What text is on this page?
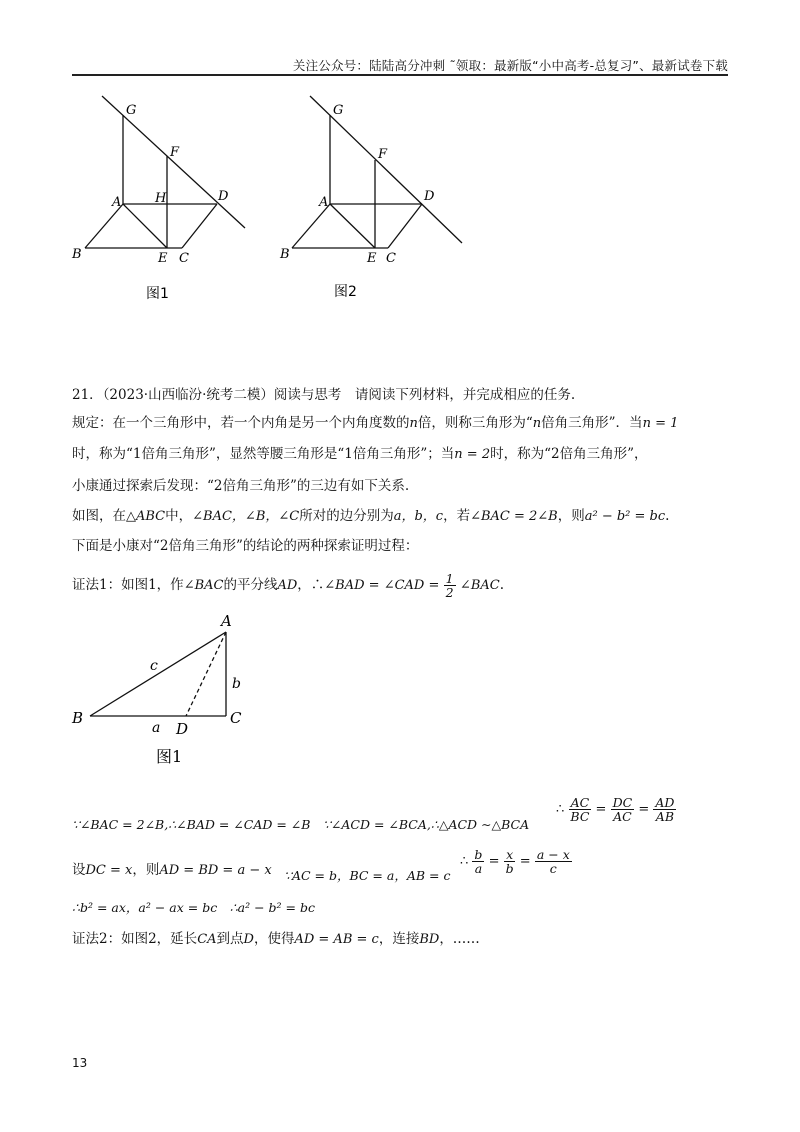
关注公众号：陆陆高分冲刺 ˜领取：最新版“小中高考-总复习”、最新试卷下载
G
F
A	H	D
B	E C
图1
G
F
A	D
B	E C
图2
21．（2023·山西临汾·统考二模）阅读与思考　请阅读下列材料，并完成相应的任务.
规定：在一个三角形中，若一个内角是另一个内角度数的n倍，则称三角形为“n倍角三角形”．当n = 1
时，称为“1倍角三角形”，显然等腰三角形是“1倍角三角形”；当n = 2时，称为“2倍角三角形”，
小康通过探索后发现：“2倍角三角形”的三边有如下关系.
如图，在△ABC中，∠BAC，∠B，∠C所对的边分别为a，b，c，若∠BAC = 2∠B，则a² − b² = bc.
下面是小康对“2倍角三角形”的结论的两种探索证明过程：
证法1：如图1，作∠BAC的平分线AD，∴∠BAD = ∠CAD = $\frac{1}{2}$ ∠BAC.
A
B	C
D
a
b
c
图1
∵∠BAC = 2∠B,∴∠BAD = ∠CAD = ∠B　∵∠ACD = ∠BCA,∴△ACD ∼△BCA
∴ $\frac{AC}{BC} = \frac{DC}{AC} = \frac{AD}{AB}$
设DC = x，则AD = BD = a − x ∵AC = b，BC = a，AB = c
∴ $\frac{b}{a} = \frac{x}{b} = \frac{a - x}{c}$
∴b² = ax，a² − ax = bc　∴a² − b² = bc
证法2：如图2，延长CA到点D，使得AD = AB = c，连接BD，……
13
